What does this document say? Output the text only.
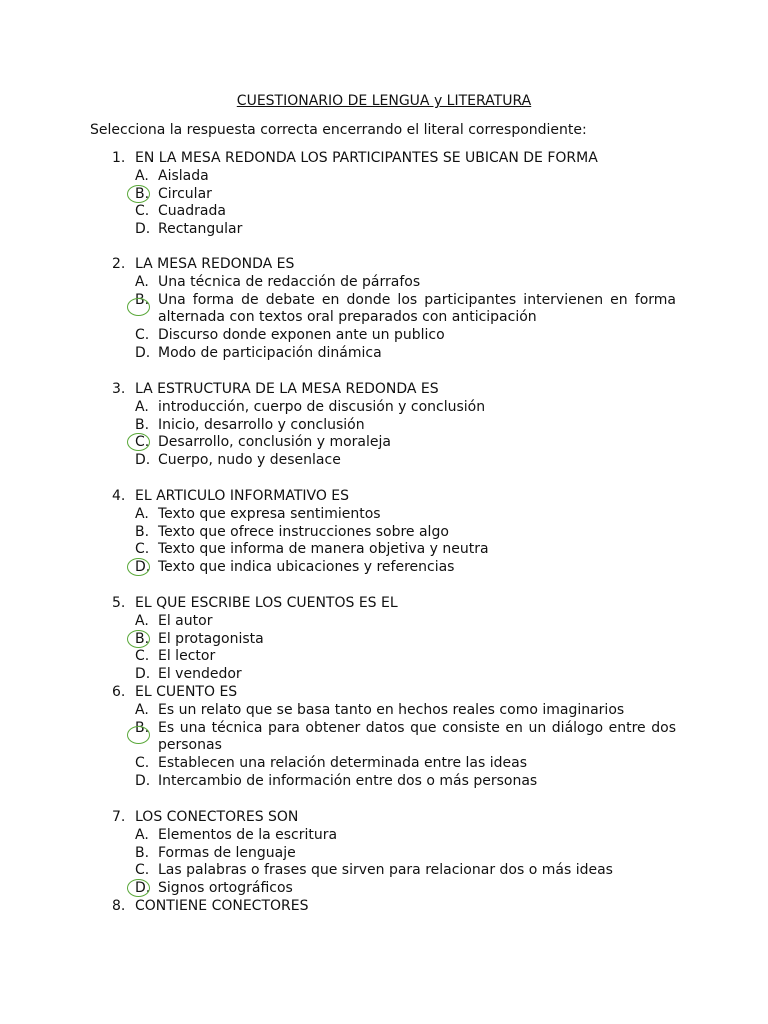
CUESTIONARIO DE LENGUA y LITERATURA
Selecciona la respuesta correcta encerrando el literal correspondiente:
1. EN LA MESA REDONDA LOS PARTICIPANTES SE UBICAN DE FORMA
A. Aislada
B. Circular
C. Cuadrada
D. Rectangular
2. LA MESA REDONDA ES
A. Una técnica de redacción de párrafos
B. Una forma de debate en donde los participantes intervienen en forma alternada con textos oral preparados con anticipación
C. Discurso donde exponen ante un publico
D. Modo de participación dinámica
3. LA ESTRUCTURA DE LA MESA REDONDA ES
A. introducción, cuerpo de discusión y conclusión
B. Inicio, desarrollo y conclusión
C. Desarrollo, conclusión y moraleja
D. Cuerpo, nudo y desenlace
4. EL ARTICULO INFORMATIVO ES
A. Texto que expresa sentimientos
B. Texto que ofrece instrucciones sobre algo
C. Texto que informa de manera objetiva y neutra
D. Texto que indica ubicaciones y referencias
5. EL QUE ESCRIBE LOS CUENTOS ES EL
A. El autor
B. El protagonista
C. El lector
D. El vendedor
6. EL CUENTO ES
A. Es un relato que se basa tanto en hechos reales como imaginarios
B. Es una técnica para obtener datos que consiste en un diálogo entre dos personas
C. Establecen una relación determinada entre las ideas
D. Intercambio de información entre dos o más personas
7. LOS CONECTORES SON
A. Elementos de la escritura
B. Formas de lenguaje
C. Las palabras o frases que sirven para relacionar dos o más ideas
D. Signos ortográficos
8. CONTIENE CONECTORES
